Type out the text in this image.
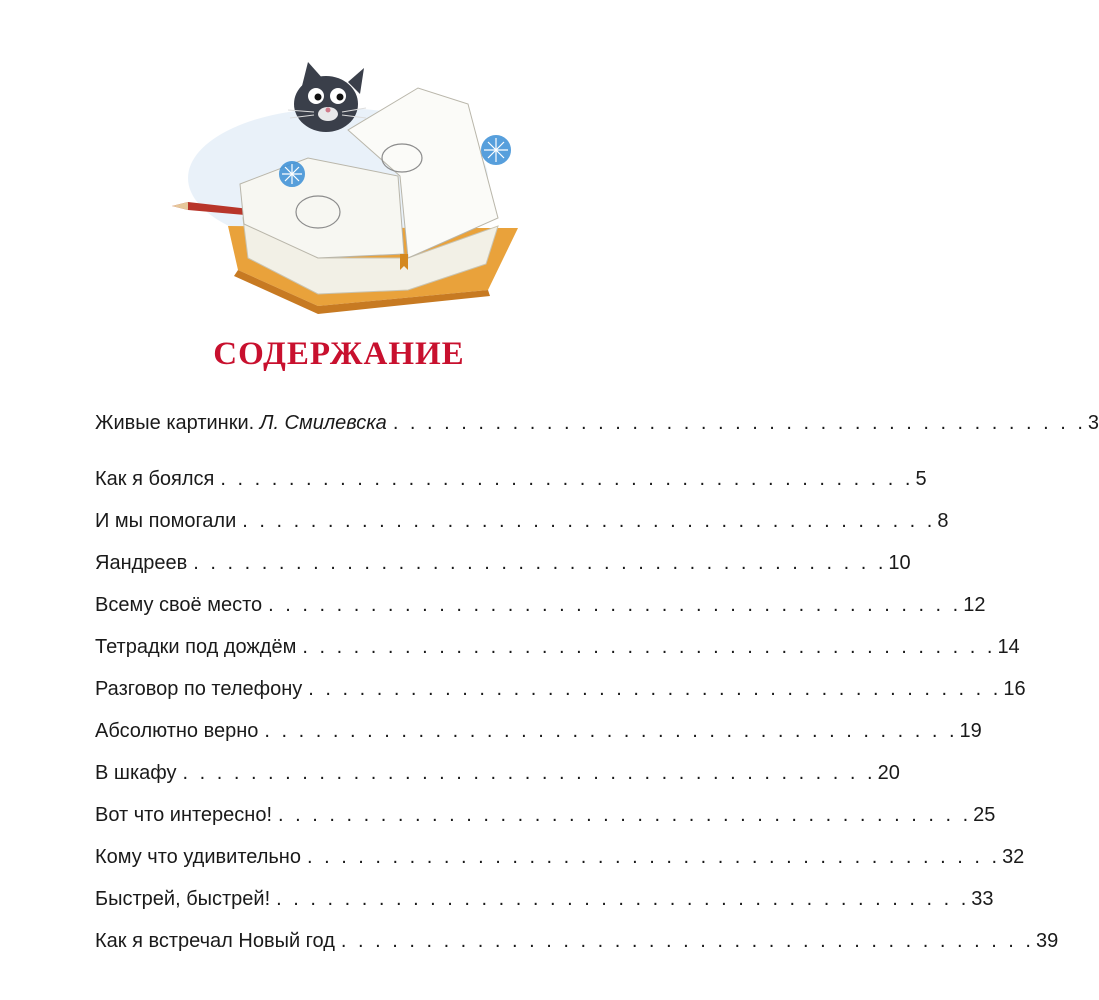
СОДЕРЖАНИЕ
Живые картинки.
Л. Смилевска . . . . . . . . . . . . . . . . . . . . . . . . . . . . . . . . . . . . . . . . . 3
Как я боялся . . . . . . . . . . . . . . . . . . . . . . . . . . . . . . . . . . . . . . . . . 5
И мы помогали . . . . . . . . . . . . . . . . . . . . . . . . . . . . . . . . . . . . . . . . . 8
Яандреев . . . . . . . . . . . . . . . . . . . . . . . . . . . . . . . . . . . . . . . . . 10
Всему своё место . . . . . . . . . . . . . . . . . . . . . . . . . . . . . . . . . . . . . . . . . 12
Тетрадки под дождём . . . . . . . . . . . . . . . . . . . . . . . . . . . . . . . . . . . . . . . . . 14
Разговор по телефону . . . . . . . . . . . . . . . . . . . . . . . . . . . . . . . . . . . . . . . . . 16
Абсолютно верно . . . . . . . . . . . . . . . . . . . . . . . . . . . . . . . . . . . . . . . . . 19
В шкафу . . . . . . . . . . . . . . . . . . . . . . . . . . . . . . . . . . . . . . . . . 20
Вот что интересно! . . . . . . . . . . . . . . . . . . . . . . . . . . . . . . . . . . . . . . . . . 25
Кому что удивительно . . . . . . . . . . . . . . . . . . . . . . . . . . . . . . . . . . . . . . . . . 32
Быстрей, быстрей! . . . . . . . . . . . . . . . . . . . . . . . . . . . . . . . . . . . . . . . . . 33
Как я встречал Новый год . . . . . . . . . . . . . . . . . . . . . . . . . . . . . . . . . . . . . . . . . 39
